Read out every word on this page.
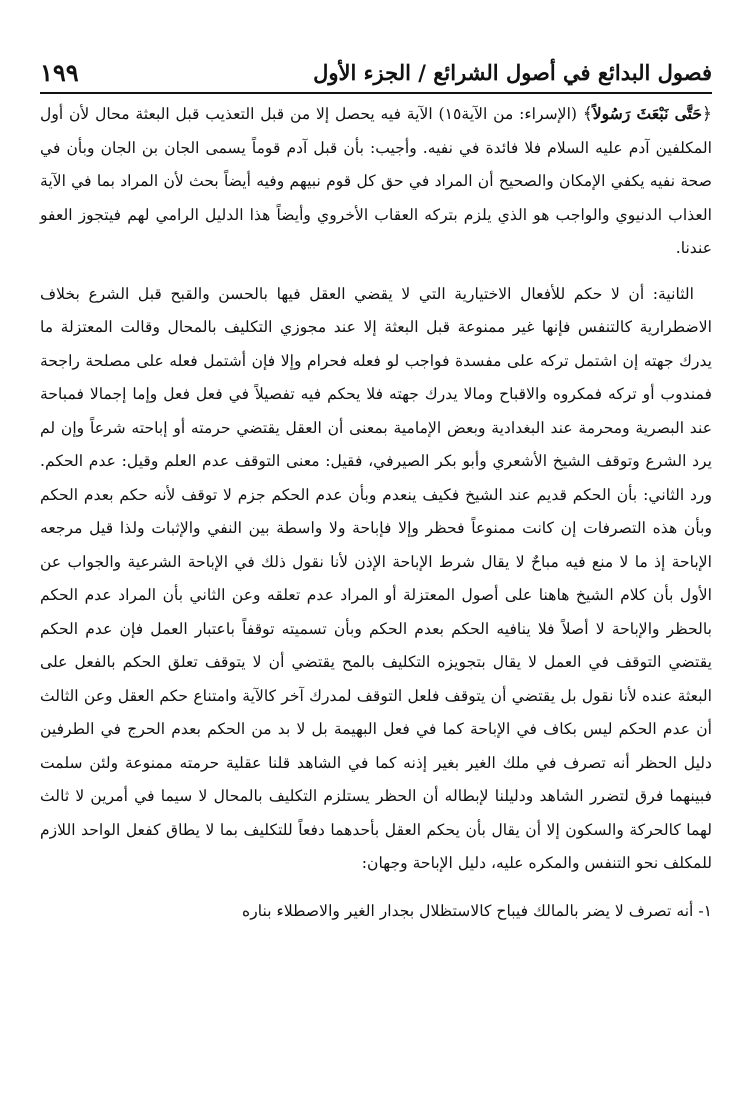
فصول البدائع في أصول الشرائع / الجزء الأول
١٩٩

﴿حَتَّى نَبْعَثَ رَسُولاً﴾ (الإسراء: من الآية١٥) الآية فيه يحصل إلا من قبل التعذيب قبل البعثة محال لأن أول المكلفين آدم عليه السلام فلا فائدة في نفيه. وأجيب: بأن قبل آدم قوماً يسمى الجان بن الجان وبأن في صحة نفيه يكفي الإمكان والصحيح أن المراد في حق كل قوم نبيهم وفيه أيضاً بحث لأن المراد بما في الآية العذاب الدنيوي والواجب هو الذي يلزم بتركه العقاب الأخروي وأيضاً هذا الدليل الرامي لهم فيتجوز العفو عندنا.

الثانية: أن لا حكم للأفعال الاختيارية التي لا يقضي العقل فيها بالحسن والقبح قبل الشرع بخلاف الاضطرارية كالتنفس فإنها غير ممنوعة قبل البعثة إلا عند مجوزي التكليف بالمحال وقالت المعتزلة ما يدرك جهته إن اشتمل تركه على مفسدة فواجب لو فعله فحرام وإلا فإن أشتمل فعله على مصلحة راجحة فمندوب أو تركه فمكروه والاقباح ومالا يدرك جهته فلا يحكم فيه تفصيلاً في فعل فعل وإما إجمالا فمباحة عند البصرية ومحرمة عند البغدادية وبعض الإمامية بمعنى أن العقل يقتضي حرمته أو إباحته شرعاً وإن لم يرد الشرع وتوقف الشيخ الأشعري وأبو بكر الصيرفي، فقيل: معنى التوقف عدم العلم وقيل: عدم الحكم. ورد الثاني: بأن الحكم قديم عند الشيخ فكيف ينعدم وبأن عدم الحكم جزم لا توقف لأنه حكم بعدم الحكم وبأن هذه التصرفات إن كانت ممنوعاً فحظر وإلا فإباحة ولا واسطة بين النفي والإثبات ولذا قيل مرجعه الإباحة إذ ما لا منع فيه مباحٌ لا يقال شرط الإباحة الإذن لأنا نقول ذلك في الإباحة الشرعية والجواب عن الأول بأن كلام الشيخ هاهنا على أصول المعتزلة أو المراد عدم تعلقه وعن الثاني بأن المراد عدم الحكم بالحظر والإباحة لا أصلاً فلا ينافيه الحكم بعدم الحكم وبأن تسميته توقفاً باعتبار العمل فإن عدم الحكم يقتضي التوقف في العمل لا يقال بتجويزه التكليف بالمح يقتضي أن لا يتوقف تعلق الحكم بالفعل على البعثة عنده لأنا نقول بل يقتضي أن يتوقف فلعل التوقف لمدرك آخر كالآية وامتناع حكم العقل وعن الثالث أن عدم الحكم ليس بكاف في الإباحة كما في فعل البهيمة بل لا بد من الحكم بعدم الحرج في الطرفين دليل الحظر أنه تصرف في ملك الغير بغير إذنه كما في الشاهد قلنا عقلية حرمته ممنوعة ولئن سلمت فبينهما فرق لتضرر الشاهد ودليلنا لإبطاله أن الحظر يستلزم التكليف بالمحال لا سيما في أمرين لا ثالث لهما كالحركة والسكون إلا أن يقال بأن يحكم العقل بأحدهما دفعاً للتكليف بما لا يطاق كفعل الواحد اللازم للمكلف نحو التنفس والمكره عليه، دليل الإباحة وجهان:

١- أنه تصرف لا يضر بالمالك فيباح كالاستظلال بجدار الغير والاصطلاء بناره
